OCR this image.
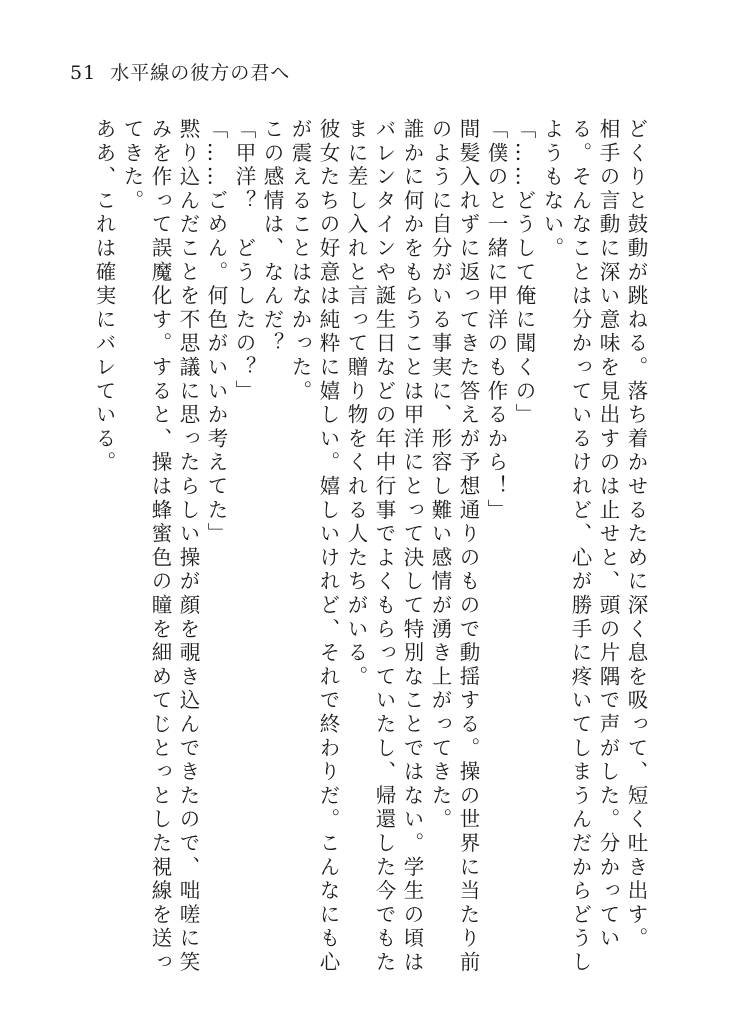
51 水平線の彼方の君へ

どくりと鼓動が跳ねる。落ち着かせるために深く息を吸って、短く吐き出す。

相手の言動に深い意味を見出すのは止せと、頭の片隅で声がした。分かっている。そんなことは分かっているけれど、心が勝手に疼いてしまうんだからどうしようもない。

「……どうして俺に聞くの」

「僕のと一緒に甲洋のも作るから！」

間髪入れずに返ってきた答えが予想通りのもので動揺する。操の世界に当たり前のように自分がいる事実に、形容し難い感情が湧き上がってきた。

誰かに何かをもらうことは甲洋にとって決して特別なことではない。学生の頃はバレンタインや誕生日などの年中行事でよくもらっていたし、帰還した今でもたまに差し入れと言って贈り物をくれる人たちがいる。

彼女たちの好意は純粋に嬉しい。嬉しいけれど、それで終わりだ。こんなにも心が震えることはなかった。

この感情は、なんだ？

「甲洋？　どうしたの？」

「……ごめん。何色がいいか考えてた」

黙り込んだことを不思議に思ったらしい操が顔を覗き込んできたので、咄嗟に笑みを作って誤魔化す。すると、操は蜂蜜色の瞳を細めてじとっとした視線を送ってきた。

ああ、これは確実にバレている。
